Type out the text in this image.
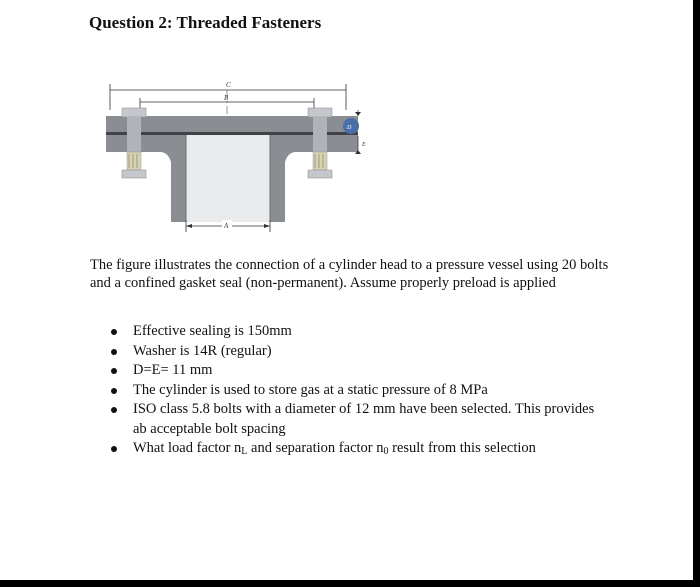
Question 2: Threaded Fasteners
C
B
D
E
A
The figure illustrates the connection of a cylinder head to a pressure vessel using 20 bolts and a confined gasket seal (non-permanent). Assume properly preload is applied
Effective sealing is 150mm
Washer is 14R (regular)
D=E= 11 mm
The cylinder is used to store gas at a static pressure of 8 MPa
ISO class 5.8 bolts with a diameter of 12 mm have been selected. This provides ab acceptable bolt spacing
What load factor $n_L$ and separation factor $n_0$ result from this selection
